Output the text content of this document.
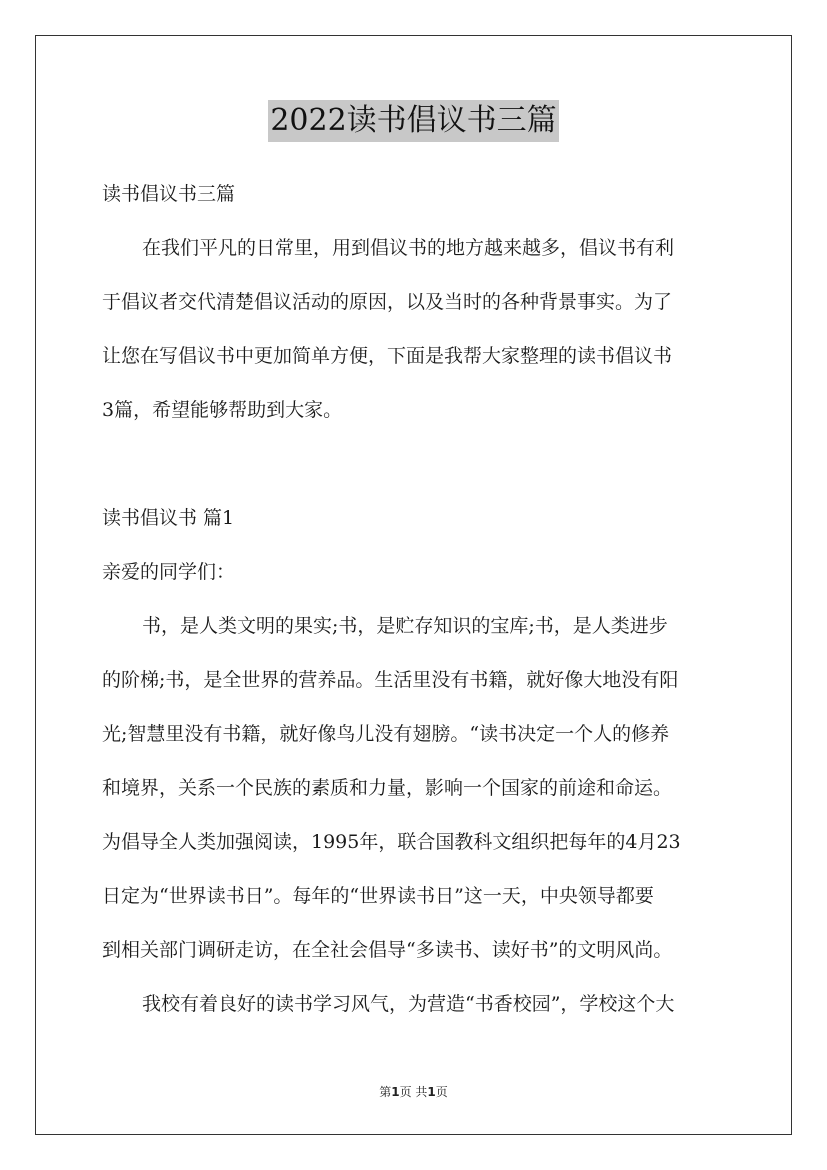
2022读书倡议书三篇
读书倡议书三篇
在我们平凡的日常里，用到倡议书的地方越来越多，倡议书有利
于倡议者交代清楚倡议活动的原因，以及当时的各种背景事实。为了
让您在写倡议书中更加简单方便，下面是我帮大家整理的读书倡议书
3篇，希望能够帮助到大家。
读书倡议书 篇1
亲爱的同学们：
书，是人类文明的果实;书，是贮存知识的宝库;书，是人类进步
的阶梯;书，是全世界的营养品。生活里没有书籍，就好像大地没有阳
光;智慧里没有书籍，就好像鸟儿没有翅膀。“读书决定一个人的修养
和境界，关系一个民族的素质和力量，影响一个国家的前途和命运。
为倡导全人类加强阅读，1995年，联合国教科文组织把每年的4月23
日定为“世界读书日”。每年的“世界读书日”这一天，中央领导都要
到相关部门调研走访，在全社会倡导“多读书、读好书”的文明风尚。
我校有着良好的读书学习风气，为营造“书香校园”，学校这个大
第1页 共1页
